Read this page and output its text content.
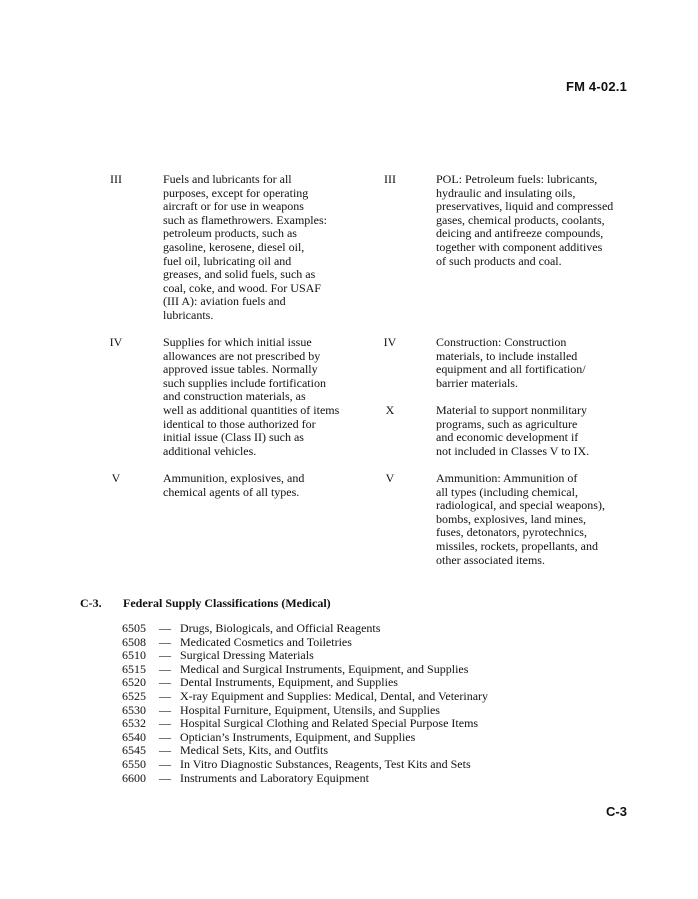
FM 4-02.1
III	Fuels and lubricants for all
purposes, except for operating
aircraft or for use in weapons
such as flamethrowers. Examples:
petroleum products, such as
gasoline, kerosene, diesel oil,
fuel oil, lubricating oil and
greases, and solid fuels, such as
coal, coke, and wood. For USAF
(III A): aviation fuels and
lubricants.
III	POL: Petroleum fuels: lubricants,
hydraulic and insulating oils,
preservatives, liquid and compressed
gases, chemical products, coolants,
deicing and antifreeze compounds,
together with component additives
of such products and coal.
IV	Supplies for which initial issue
allowances are not prescribed by
approved issue tables. Normally
such supplies include fortification
and construction materials, as
well as additional quantities of items
identical to those authorized for
initial issue (Class II) such as
additional vehicles.
IV	Construction: Construction
materials, to include installed
equipment and all fortification/
barrier materials.
X	Material to support nonmilitary
programs, such as agriculture
and economic development if
not included in Classes V to IX.
V	Ammunition, explosives, and
chemical agents of all types.
V	Ammunition: Ammunition of
all types (including chemical,
radiological, and special weapons),
bombs, explosives, land mines,
fuses, detonators, pyrotechnics,
missiles, rockets, propellants, and
other associated items.
C-3. Federal Supply Classifications (Medical)
6505	— Drugs, Biologicals, and Official Reagents
6508	— Medicated Cosmetics and Toiletries
6510	— Surgical Dressing Materials
6515	— Medical and Surgical Instruments, Equipment, and Supplies
6520	— Dental Instruments, Equipment, and Supplies
6525	— X-ray Equipment and Supplies: Medical, Dental, and Veterinary
6530	— Hospital Furniture, Equipment, Utensils, and Supplies
6532	— Hospital Surgical Clothing and Related Special Purpose Items
6540	— Optician’s Instruments, Equipment, and Supplies
6545	— Medical Sets, Kits, and Outfits
6550	— In Vitro Diagnostic Substances, Reagents, Test Kits and Sets
6600	— Instruments and Laboratory Equipment
C-3
